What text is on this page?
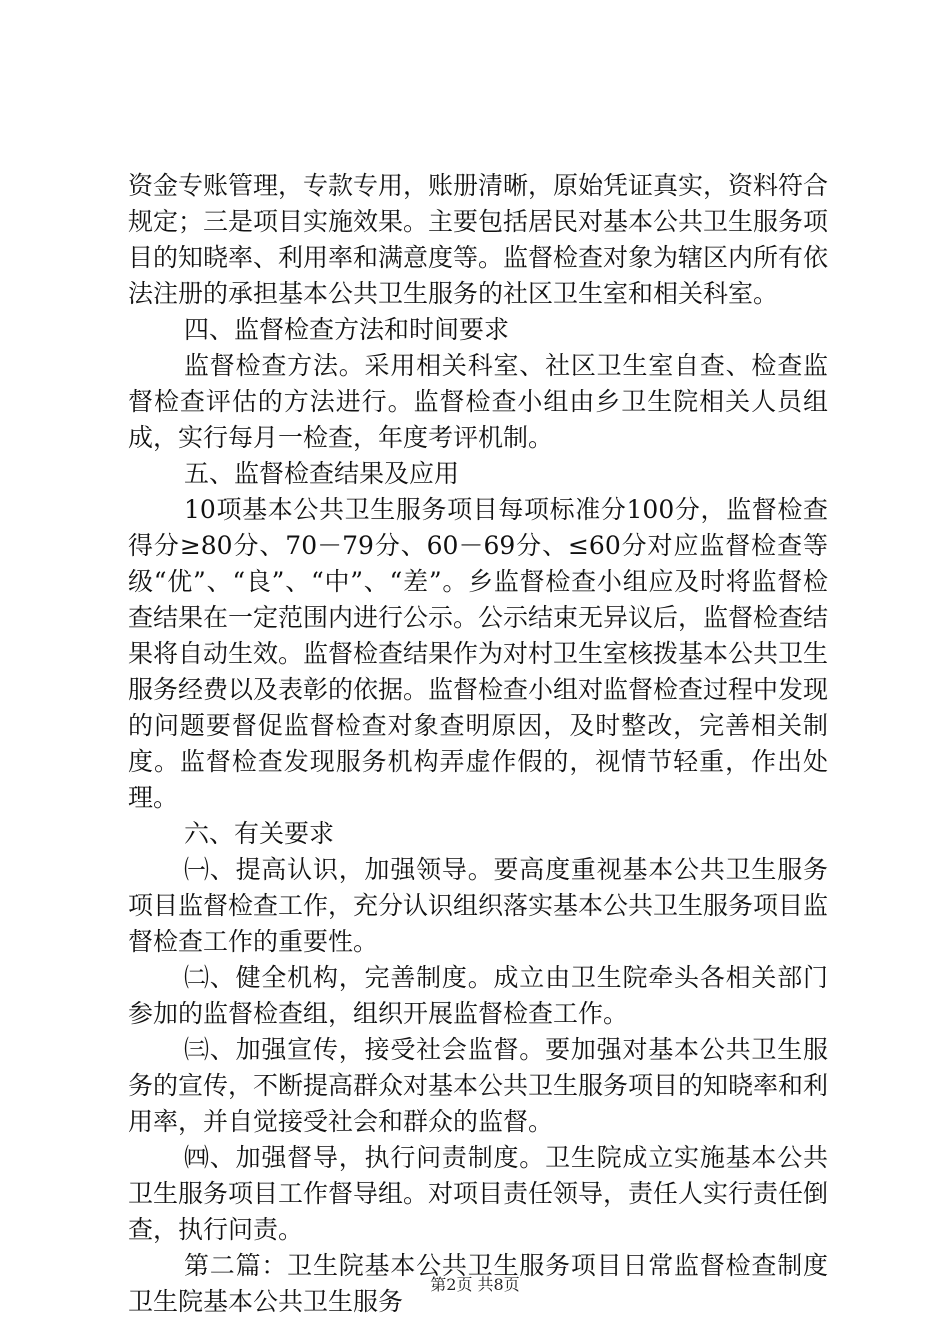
资金专账管理，专款专用，账册清晰，原始凭证真实，资料符合规定；三是项目实施效果。主要包括居民对基本公共卫生服务项目的知晓率、利用率和满意度等。监督检查对象为辖区内所有依法注册的承担基本公共卫生服务的社区卫生室和相关科室。

四、监督检查方法和时间要求

监督检查方法。采用相关科室、社区卫生室自查、检查监督检查评估的方法进行。监督检查小组由乡卫生院相关人员组成，实行每月一检查，年度考评机制。

五、监督检查结果及应用

10项基本公共卫生服务项目每项标准分100分，监督检查得分≥80分、70－79分、60－69分、≤60分对应监督检查等级“优”、“良”、“中”、“差”。乡监督检查小组应及时将监督检查结果在一定范围内进行公示。公示结束无异议后，监督检查结果将自动生效。监督检查结果作为对村卫生室核拨基本公共卫生服务经费以及表彰的依据。监督检查小组对监督检查过程中发现的问题要督促监督检查对象查明原因，及时整改，完善相关制度。监督检查发现服务机构弄虚作假的，视情节轻重，作出处理。

六、有关要求

㈠、提高认识，加强领导。要高度重视基本公共卫生服务项目监督检查工作，充分认识组织落实基本公共卫生服务项目监督检查工作的重要性。

㈡、健全机构，完善制度。成立由卫生院牵头各相关部门参加的监督检查组，组织开展监督检查工作。

㈢、加强宣传，接受社会监督。要加强对基本公共卫生服务的宣传，不断提高群众对基本公共卫生服务项目的知晓率和利用率，并自觉接受社会和群众的监督。

㈣、加强督导，执行问责制度。卫生院成立实施基本公共卫生服务项目工作督导组。对项目责任领导，责任人实行责任倒查，执行问责。

第二篇：卫生院基本公共卫生服务项目日常监督检查制度卫生院基本公共卫生服务

第2页 共8页
